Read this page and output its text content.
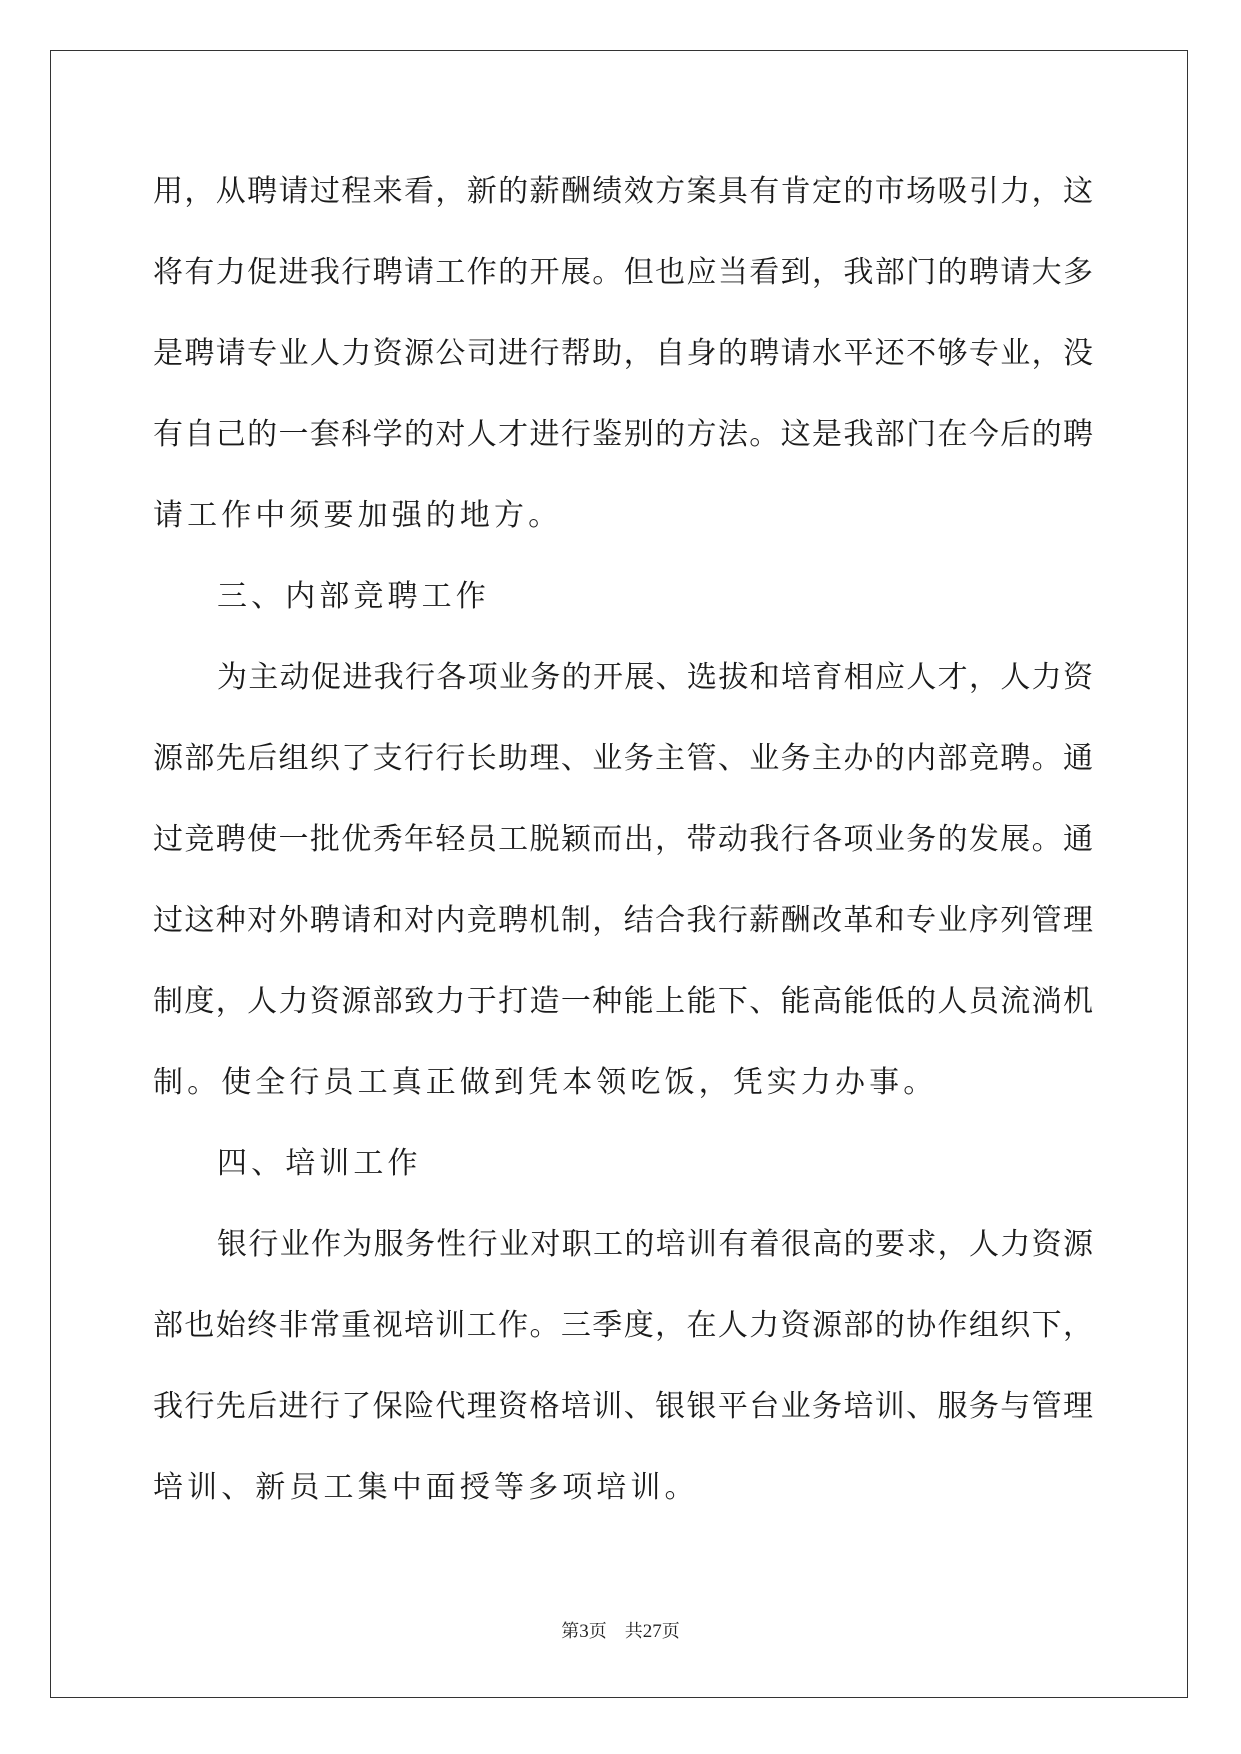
用，从聘请过程来看，新的薪酬绩效方案具有肯定的市场吸引力，这
将有力促进我行聘请工作的开展。但也应当看到，我部门的聘请大多
是聘请专业人力资源公司进行帮助，自身的聘请水平还不够专业，没
有自己的一套科学的对人才进行鉴别的方法。这是我部门在今后的聘
请工作中须要加强的地方。
三、内部竞聘工作
为主动促进我行各项业务的开展、选拔和培育相应人才，人力资
源部先后组织了支行行长助理、业务主管、业务主办的内部竞聘。通
过竞聘使一批优秀年轻员工脱颖而出，带动我行各项业务的发展。通
过这种对外聘请和对内竞聘机制，结合我行薪酬改革和专业序列管理
制度，人力资源部致力于打造一种能上能下、能高能低的人员流淌机
制。使全行员工真正做到凭本领吃饭，凭实力办事。
四、培训工作
银行业作为服务性行业对职工的培训有着很高的要求，人力资源
部也始终非常重视培训工作。三季度，在人力资源部的协作组织下，
我行先后进行了保险代理资格培训、银银平台业务培训、服务与管理
培训、新员工集中面授等多项培训。
第3页 共27页
